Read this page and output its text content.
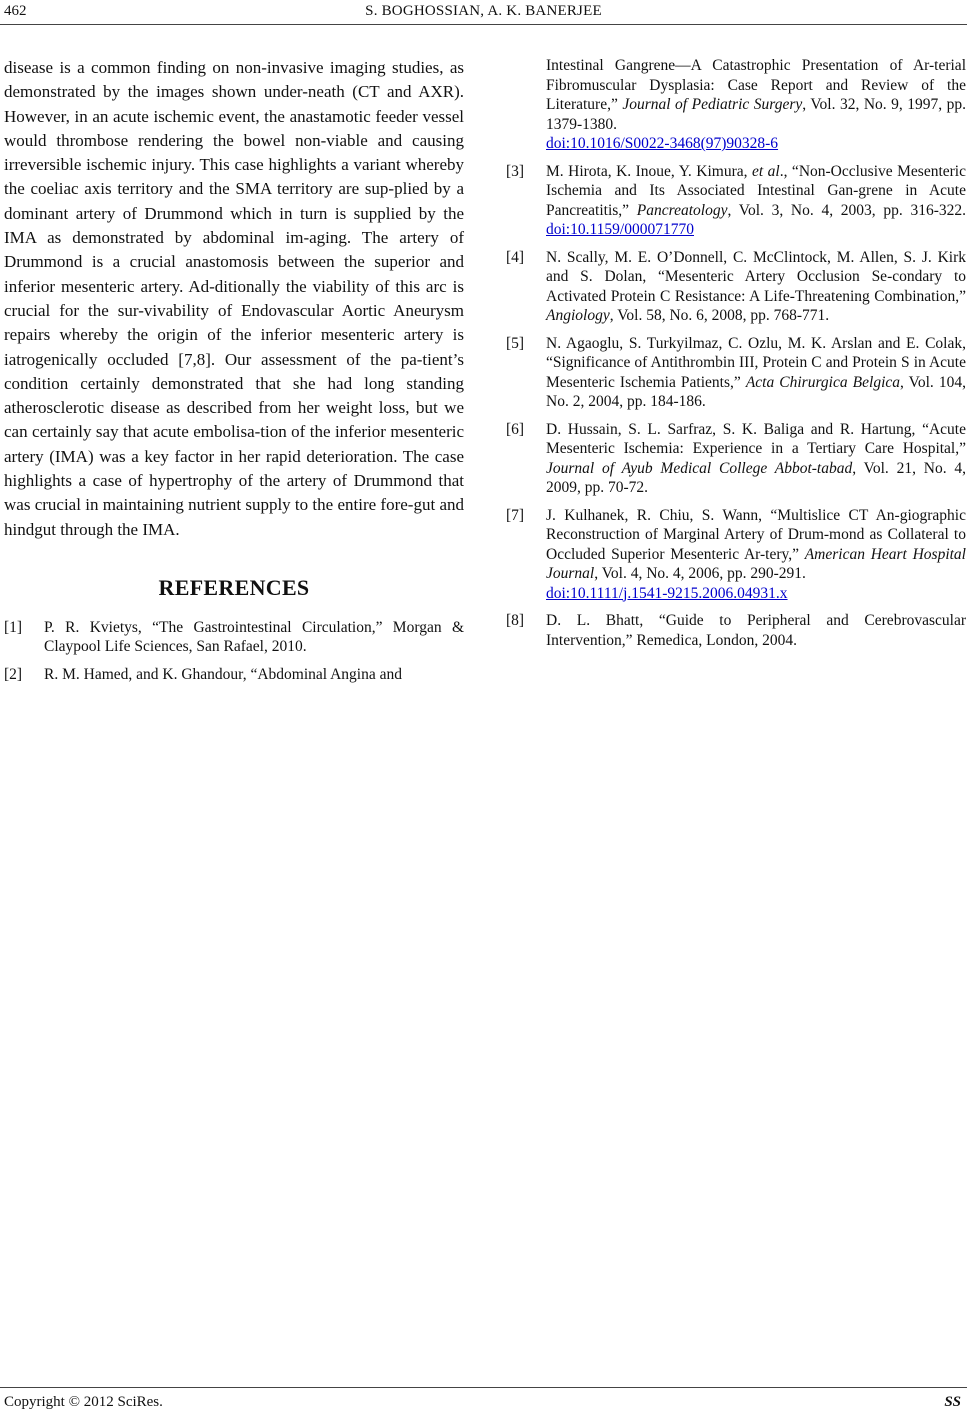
462	S. BOGHOSSIAN, A. K. BANERJEE

disease is a common finding on non-invasive imaging studies, as demonstrated by the images shown under-neath (CT and AXR). However, in an acute ischemic event, the anastamotic feeder vessel would thrombose rendering the bowel non-viable and causing irreversible ischemic injury. This case highlights a variant whereby the coeliac axis territory and the SMA territory are sup-plied by a dominant artery of Drummond which in turn is supplied by the IMA as demonstrated by abdominal im-aging. The artery of Drummond is a crucial anastomosis between the superior and inferior mesenteric artery. Ad-ditionally the viability of this arc is crucial for the sur-vivability of Endovascular Aortic Aneurysm repairs whereby the origin of the inferior mesenteric artery is iatrogenically occluded [7,8]. Our assessment of the pa-tient’s condition certainly demonstrated that she had long standing atherosclerotic disease as described from her weight loss, but we can certainly say that acute embolisa-tion of the inferior mesenteric artery (IMA) was a key factor in her rapid deterioration. The case highlights a case of hypertrophy of the artery of Drummond that was crucial in maintaining nutrient supply to the entire fore-gut and hindgut through the IMA.

REFERENCES
[1] P. R. Kvietys, “The Gastrointestinal Circulation,” Morgan & Claypool Life Sciences, San Rafael, 2010.
[2] R. M. Hamed, and K. Ghandour, “Abdominal Angina and
Intestinal Gangrene—A Catastrophic Presentation of Ar-terial Fibromuscular Dysplasia: Case Report and Review of the Literature,” Journal of Pediatric Surgery, Vol. 32, No. 9, 1997, pp. 1379-1380.
doi:10.1016/S0022-3468(97)90328-6
[3] M. Hirota, K. Inoue, Y. Kimura, et al., “Non-Occlusive Mesenteric Ischemia and Its Associated Intestinal Gan-grene in Acute Pancreatitis,” Pancreatology, Vol. 3, No. 4, 2003, pp. 316-322. doi:10.1159/000071770
[4] N. Scally, M. E. O’Donnell, C. McClintock, M. Allen, S. J. Kirk and S. Dolan, “Mesenteric Artery Occlusion Se-condary to Activated Protein C Resistance: A Life-Threatening Combination,” Angiology, Vol. 58, No. 6, 2008, pp. 768-771.
[5] N. Agaoglu, S. Turkyilmaz, C. Ozlu, M. K. Arslan and E. Colak, “Significance of Antithrombin III, Protein C and Protein S in Acute Mesenteric Ischemia Patients,” Acta Chirurgica Belgica, Vol. 104, No. 2, 2004, pp. 184-186.
[6] D. Hussain, S. L. Sarfraz, S. K. Baliga and R. Hartung, “Acute Mesenteric Ischemia: Experience in a Tertiary Care Hospital,” Journal of Ayub Medical College Abbot-tabad, Vol. 21, No. 4, 2009, pp. 70-72.
[7] J. Kulhanek, R. Chiu, S. Wann, “Multislice CT An-giographic Reconstruction of Marginal Artery of Drum-mond as Collateral to Occluded Superior Mesenteric Ar-tery,” American Heart Hospital Journal, Vol. 4, No. 4, 2006, pp. 290-291.
doi:10.1111/j.1541-9215.2006.04931.x
[8] D. L. Bhatt, “Guide to Peripheral and Cerebrovascular Intervention,” Remedica, London, 2004.
Copyright © 2012 SciRes.	SS
